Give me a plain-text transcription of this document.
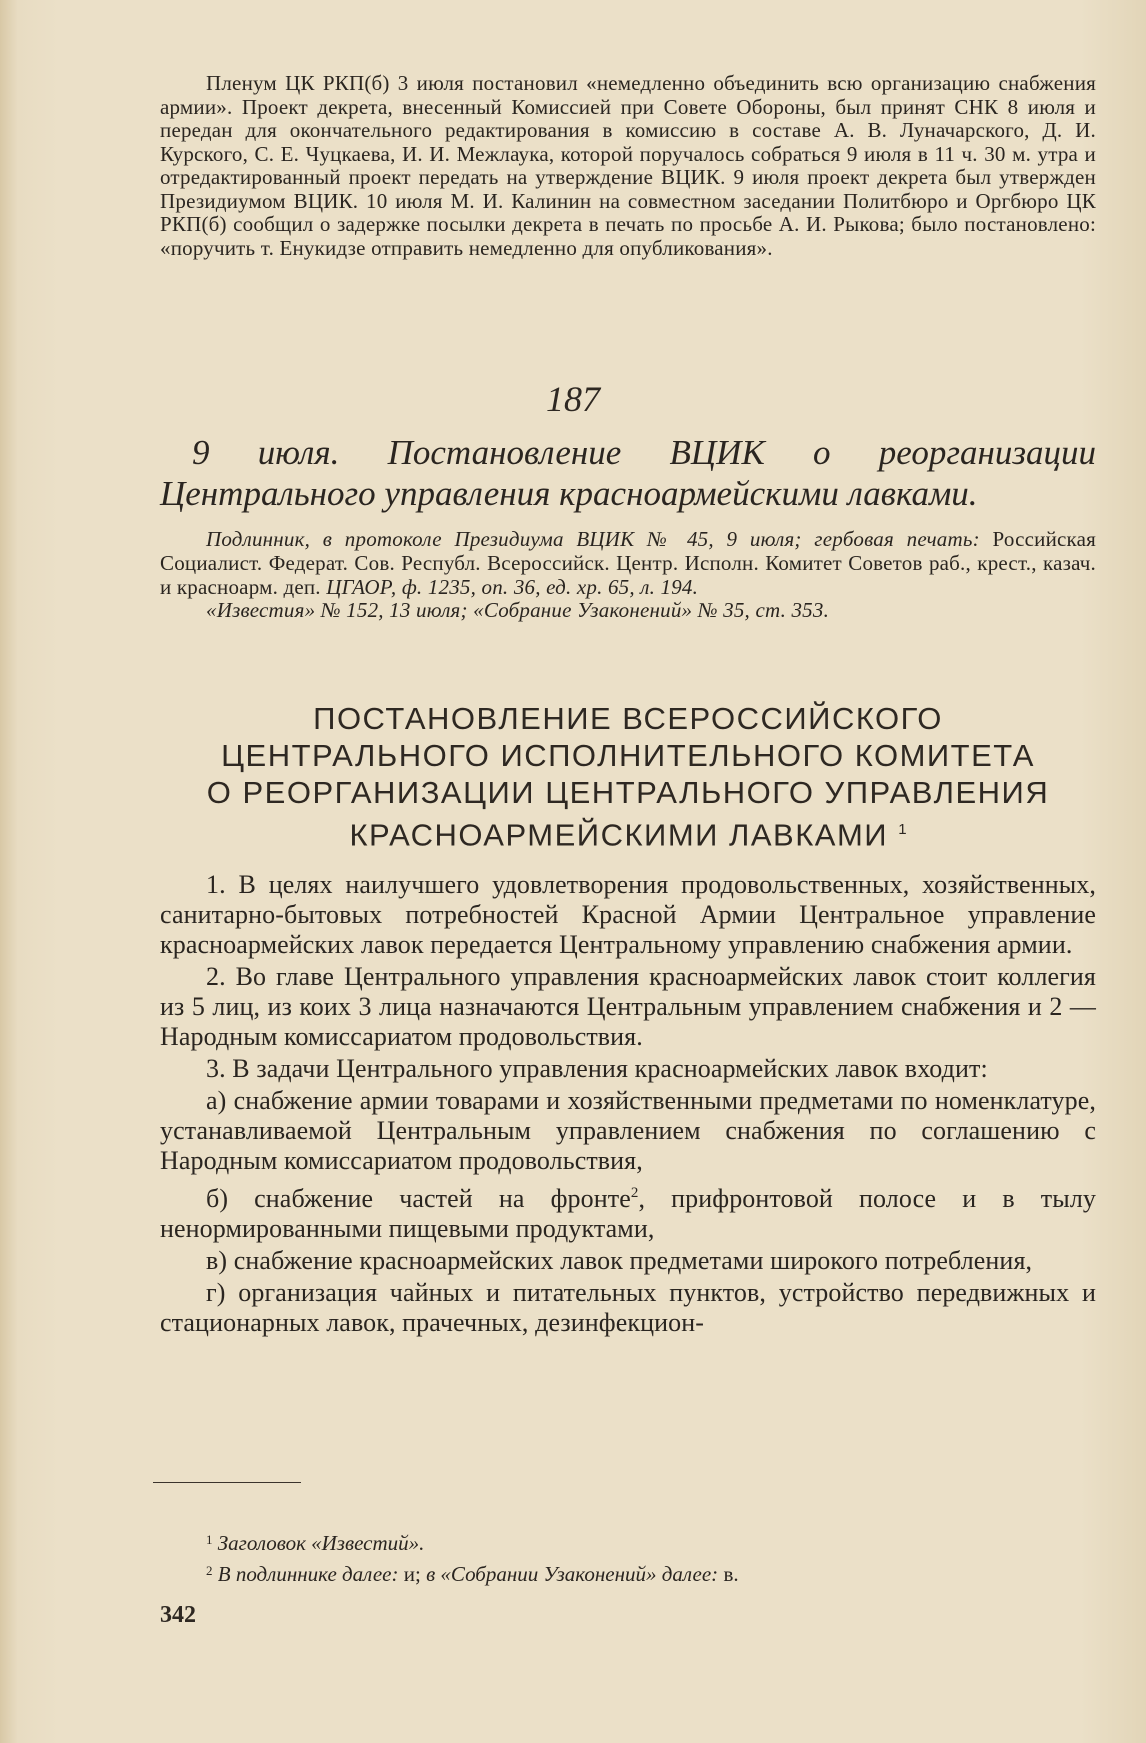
Пленум ЦК РКП(б) 3 июля постановил «немедленно объединить всю организацию снабжения армии». Проект декрета, внесенный Комиссией при Совете Обороны, был принят СНК 8 июля и передан для окончательного редактирования в комиссию в составе А. В. Луначарского, Д. И. Курского, С. Е. Чуцкаева, И. И. Межлаука, которой поручалось собраться 9 июля в 11 ч. 30 м. утра и отредактированный проект передать на утверждение ВЦИК. 9 июля проект декрета был утвержден Президиумом ВЦИК. 10 июля М. И. Калинин на совместном заседании Политбюро и Оргбюро ЦК РКП(б) сообщил о задержке посылки декрета в печать по просьбе А. И. Рыкова; было постановлено: «поручить т. Енукидзе отправить немедленно для опубликования».
187
9 июля. Постановление ВЦИК о реорганизации Центрального управления красноармейскими лавками.

Подлинник, в протоколе Президиума ВЦИК № 45, 9 июля; гербовая печать: Российская Социалист. Федерат. Сов. Республ. Всероссийск. Центр. Исполн. Комитет Советов раб., крест., казач. и красноарм. деп. ЦГАОР, ф. 1235, оп. 36, ед. хр. 65, л. 194.

«Известия» № 152, 13 июля; «Собрание Узаконений» № 35, ст. 353.

ПОСТАНОВЛЕНИЕ ВСЕРОССИЙСКОГО
ЦЕНТРАЛЬНОГО ИСПОЛНИТЕЛЬНОГО КОМИТЕТА
О РЕОРГАНИЗАЦИИ ЦЕНТРАЛЬНОГО УПРАВЛЕНИЯ
КРАСНОАРМЕЙСКИМИ ЛАВКАМИ $^1$

1. В целях наилучшего удовлетворения продовольственных, хозяйственных, санитарно-бытовых потребностей Красной Армии Центральное управление красноармейских лавок передается Центральному управлению снабжения армии.

2. Во главе Центрального управления красноармейских лавок стоит коллегия из 5 лиц, из коих 3 лица назначаются Центральным управлением снабжения и 2 — Народным комиссариатом продовольствия.

3. В задачи Центрального управления красноармейских лавок входит:

а) снабжение армии товарами и хозяйственными предметами по номенклатуре, устанавливаемой Центральным управлением снабжения по соглашению с Народным комиссариатом продовольствия,

б) снабжение частей на фронте$^2$, прифронтовой полосе и в тылу ненормированными пищевыми продуктами,

в) снабжение красноармейских лавок предметами широкого потребления,

г) организация чайных и питательных пунктов, устройство передвижных и стационарных лавок, прачечных, дезинфекцион-

$^1$ Заголовок «Известий».

$^2$ В подлиннике далее: и; в «Собрании Узаконений» далее: в.

342
